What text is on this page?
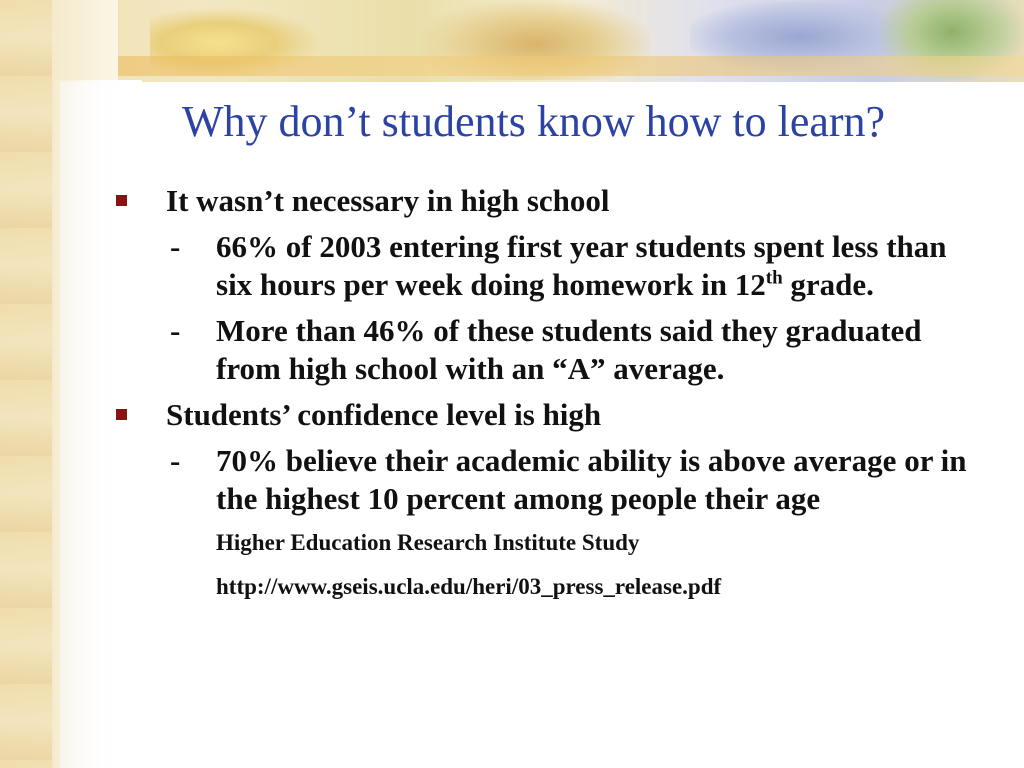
Why don’t students know how to learn?
It wasn’t necessary in high school
- 66% of 2003 entering first year students spent less than six hours per week doing homework in 12th grade.
- More than 46% of these students said they graduated from high school with an “A” average.
Students’ confidence level is high
- 70% believe their academic ability is above average or in the highest 10 percent among people their age
Higher Education Research Institute Study
http://www.gseis.ucla.edu/heri/03_press_release.pdf
